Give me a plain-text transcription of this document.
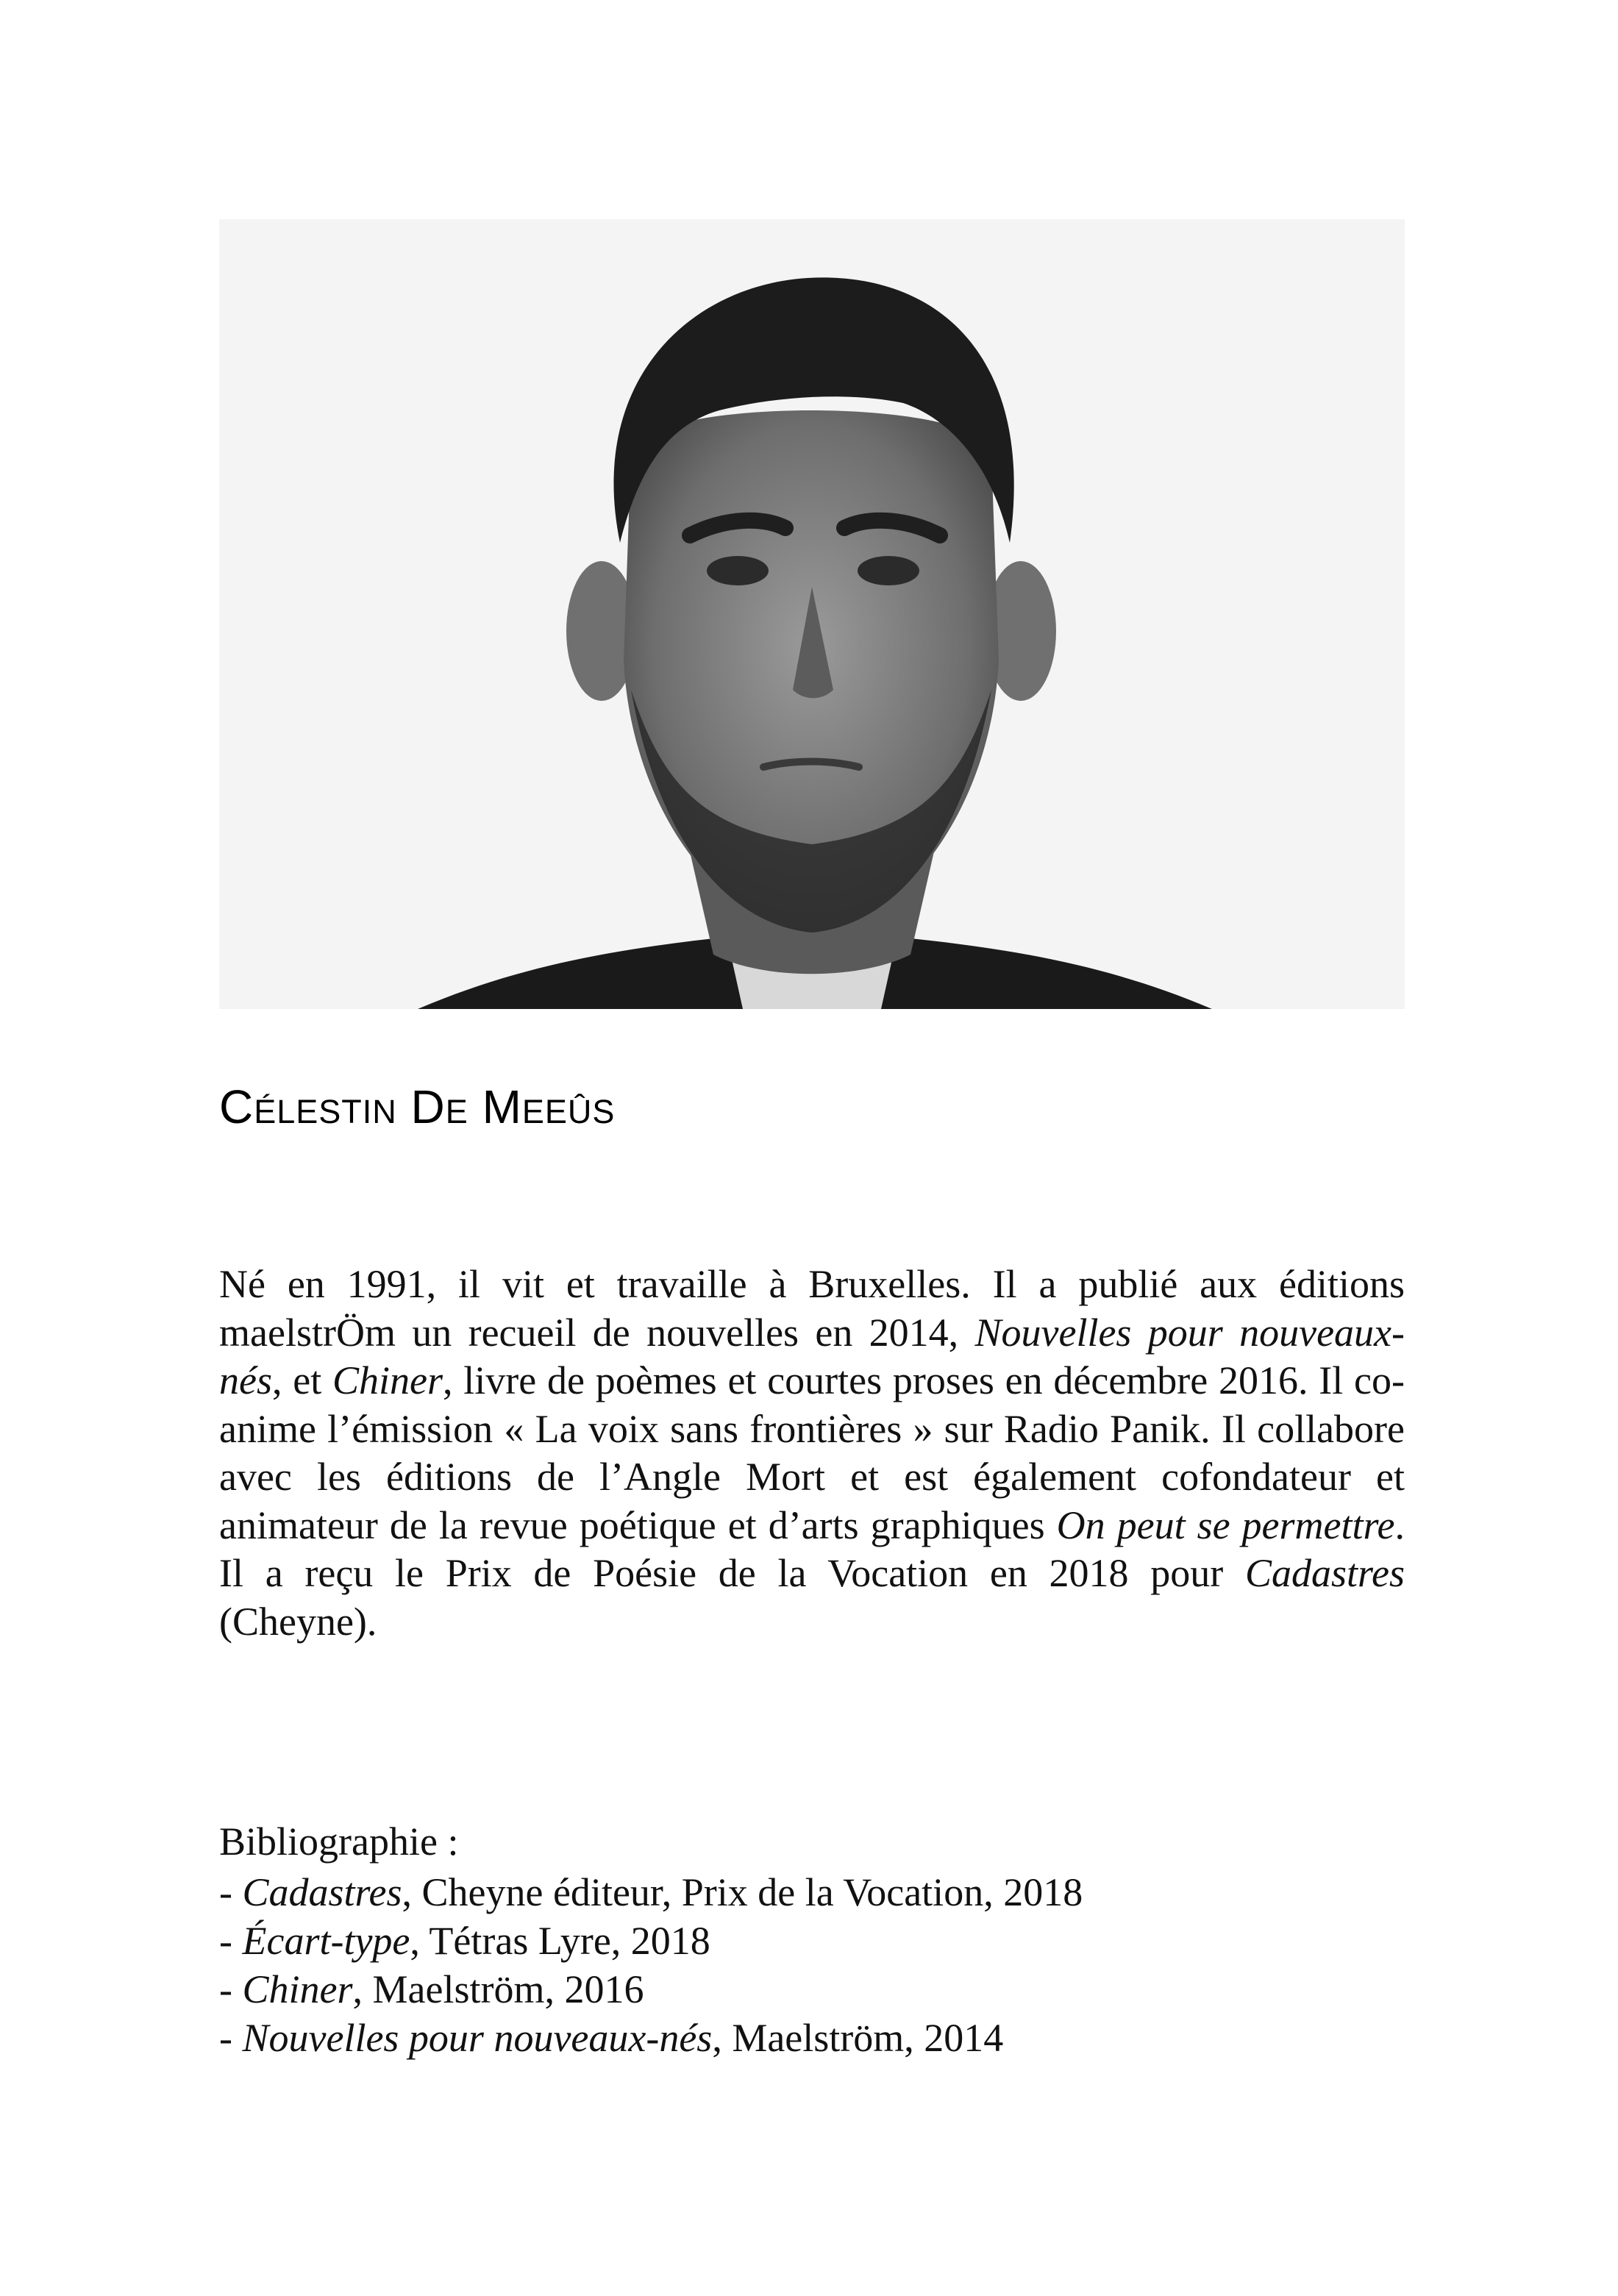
Célestin De Meeûs

Né en 1991, il vit et travaille à Bruxelles. Il a publié aux éditions maelstrÖm un recueil de nouvelles en 2014, Nouvelles pour nouveaux-nés, et Chiner, livre de poèmes et courtes proses en décembre 2016. Il co-anime l’émission « La voix sans frontières » sur Radio Panik. Il collabore avec les éditions de l’Angle Mort et est également cofondateur et animateur de la revue poétique et d’arts graphiques On peut se permettre. Il a reçu le Prix de Poésie de la Vocation en 2018 pour Cadastres (Cheyne).

Bibliographie :

- Cadastres, Cheyne éditeur, Prix de la Vocation, 2018
- Écart-type, Tétras Lyre, 2018
- Chiner, Maelström, 2016
- Nouvelles pour nouveaux-nés, Maelström, 2014
